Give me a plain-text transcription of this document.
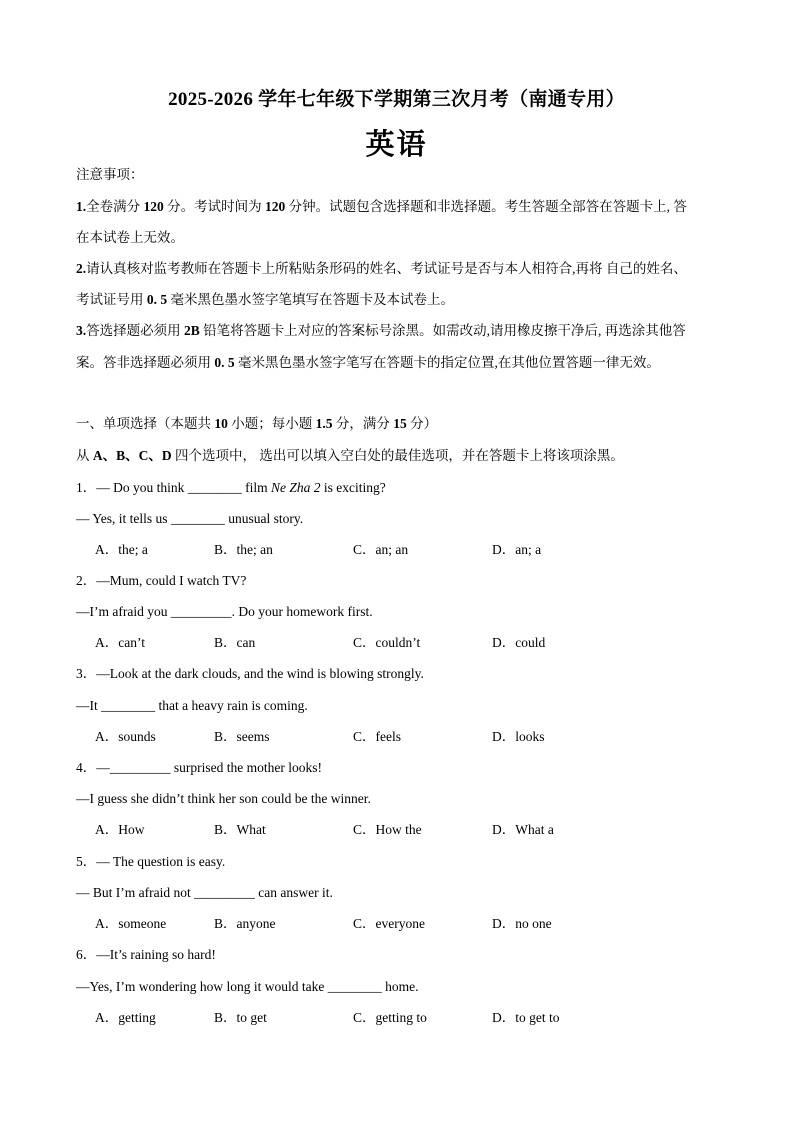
2025-2026 学年七年级下学期第三次月考（南通专用）
英语
注意事项：
1.全卷满分 120 分。考试时间为 120 分钟。试题包含选择题和非选择题。考生答题全部答在答题卡上, 答
在本试卷上无效。
2.请认真核对监考教师在答题卡上所粘贴条形码的姓名、考试证号是否与本人相符合,再将 自己的姓名、
考试证号用 0. 5 毫米黑色墨水签字笔填写在答题卡及本试卷上。
3.答选择题必须用 2B 铅笔将答题卡上对应的答案标号涂黑。如需改动,请用橡皮擦干净后, 再选涂其他答
案。答非选择题必须用 0. 5 毫米黑色墨水签字笔写在答题卡的指定位置,在其他位置答题一律无效。
一、单项选择（本题共 10 小题；每小题 1.5 分，满分 15 分）
从 A、B、C、D 四个选项中， 选出可以填入空白处的最佳选项，并在答题卡上将该项涂黑。
1．— Do you think ________ film Ne Zha 2 is exciting?
— Yes, it tells us ________ unusual story.
A．the; a	B．the; an	C．an; an	D．an; a
2．—Mum, could I watch TV?
—I’m afraid you _________. Do your homework first.
A．can’t	B．can	C．couldn’t	D．could
3．—Look at the dark clouds, and the wind is blowing strongly.
—It ________ that a heavy rain is coming.
A．sounds	B．seems	C．feels	D．looks
4．—_________ surprised the mother looks!
—I guess she didn’t think her son could be the winner.
A．How	B．What	C．How the	D．What a
5．— The question is easy.
— But I’m afraid not _________ can answer it.
A．someone	B．anyone	C．everyone	D．no one
6．—It’s raining so hard!
—Yes, I’m wondering how long it would take ________ home.
A．getting	B．to get	C．getting to	D．to get to
